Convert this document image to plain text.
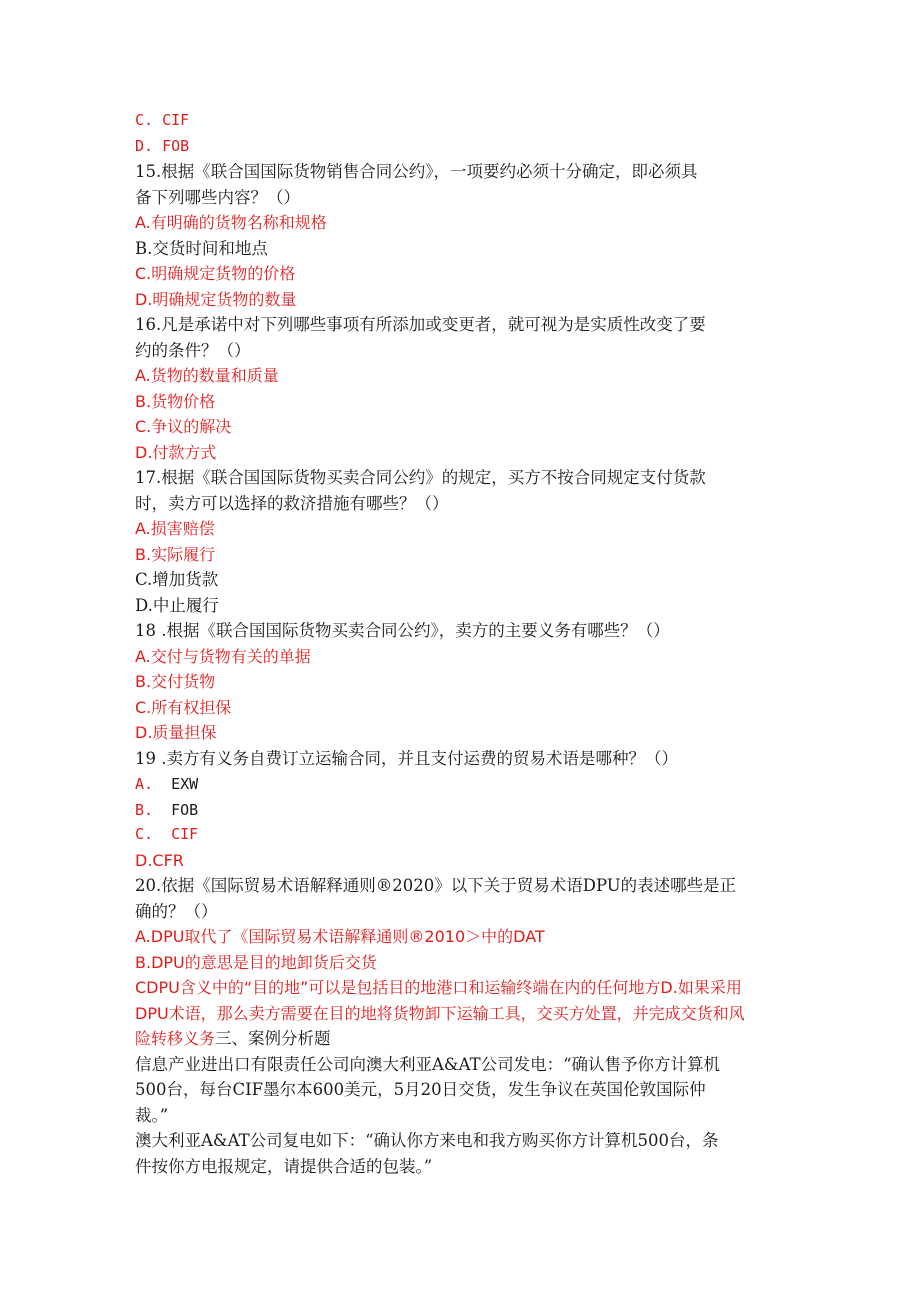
C. CIF
D. FOB
15.根据《联合国国际货物销售合同公约》，一项要约必须十分确定，即必须具
备下列哪些内容？（）
A.有明确的货物名称和规格
B.交货时间和地点
C.明确规定货物的价格
D.明确规定货物的数量
16.凡是承诺中对下列哪些事项有所添加或变更者，就可视为是实质性改变了要
约的条件？（）
A.货物的数量和质量
B.货物价格
C.争议的解决
D.付款方式
17.根据《联合国国际货物买卖合同公约》的规定，买方不按合同规定支付货款
时，卖方可以选择的救济措施有哪些？（）
A.损害赔偿
B.实际履行
C.增加货款
D.中止履行
18 .根据《联合国国际货物买卖合同公约》，卖方的主要义务有哪些？（）
A.交付与货物有关的单据
B.交付货物
C.所有权担保
D.质量担保
19 .卖方有义务自费订立运输合同，并且支付运费的贸易术语是哪种？（）
A.  EXW
B.  FOB
C.  CIF
D.CFR
20.依据《国际贸易术语解释通则®2020》以下关于贸易术语DPU的表述哪些是正
确的？（）
A.DPU取代了《国际贸易术语解释通则®2010＞中的DAT
B.DPU的意思是目的地卸货后交货
CDPU含义中的“目的地”可以是包括目的地港口和运输终端在内的任何地方D.如果采用
DPU术语，那么卖方需要在目的地将货物卸下运输工具，交买方处置，并完成交货和风
险转移义务三、案例分析题
信息产业进出口有限责任公司向澳大利亚A&AT公司发电：“确认售予你方计算机
500台，每台CIF墨尔本600美元，5月20日交货，发生争议在英国伦敦国际仲
裁。”
澳大利亚A&AT公司复电如下：“确认你方来电和我方购买你方计算机500台，条
件按你方电报规定，请提供合适的包装。”
